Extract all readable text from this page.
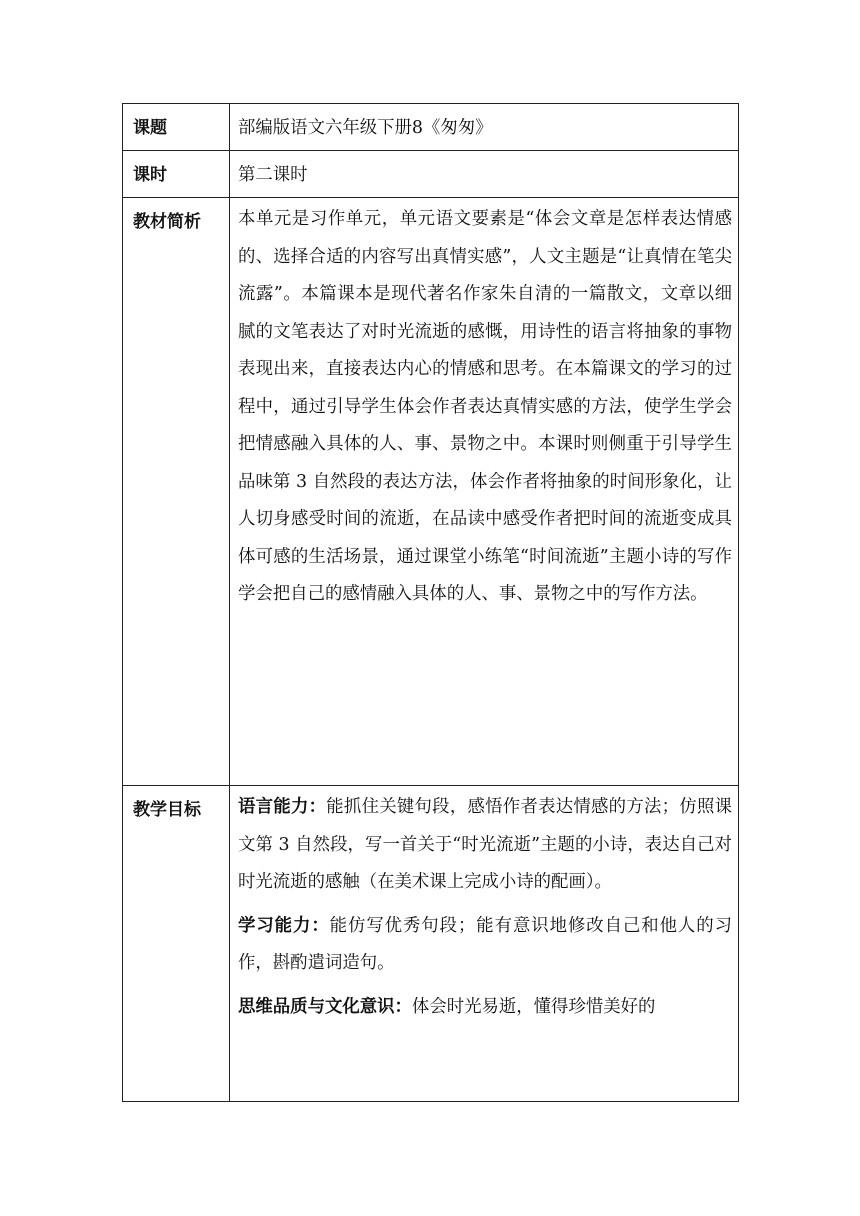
课题	部编版语文六年级下册8《匆匆》
课时	第二课时
教材简析	本单元是习作单元，单元语文要素是“体会文章是怎样表达情感的、选择合适的内容写出真情实感”，人文主题是“让真情在笔尖流露”。本篇课本是现代著名作家朱自清的一篇散文，文章以细腻的文笔表达了对时光流逝的感慨，用诗性的语言将抽象的事物表现出来，直接表达内心的情感和思考。在本篇课文的学习的过程中，通过引导学生体会作者表达真情实感的方法，使学生学会把情感融入具体的人、事、景物之中。本课时则侧重于引导学生品味第 3 自然段的表达方法，体会作者将抽象的时间形象化，让人切身感受时间的流逝，在品读中感受作者把时间的流逝变成具体可感的生活场景，通过课堂小练笔“时间流逝”主题小诗的写作学会把自己的感情融入具体的人、事、景物之中的写作方法。

教学目标	语言能力：能抓住关键句段，感悟作者表达情感的方法；仿照课文第 3 自然段，写一首关于“时光流逝”主题的小诗，表达自己对时光流逝的感触（在美术课上完成小诗的配画）。

学习能力：能仿写优秀句段；能有意识地修改自己和他人的习作，斟酌遣词造句。

思维品质与文化意识：体会时光易逝，懂得珍惜美好的
